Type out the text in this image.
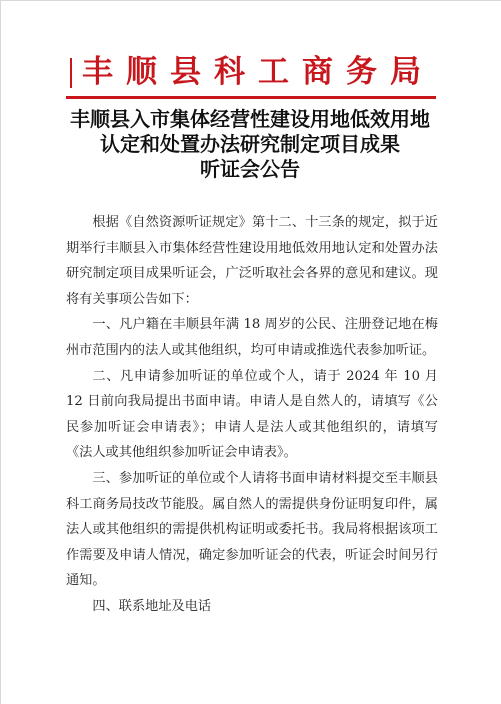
丰顺县科工商务局
丰顺县入市集体经营性建设用地低效用地
认定和处置办法研究制定项目成果
听证会公告

根据《自然资源听证规定》第十二、十三条的规定，拟于近期举行丰顺县入市集体经营性建设用地低效用地认定和处置办法研究制定项目成果听证会，广泛听取社会各界的意见和建议。现将有关事项公告如下：

一、凡户籍在丰顺县年满 18 周岁的公民、注册登记地在梅州市范围内的法人或其他组织，均可申请或推选代表参加听证。

二、凡申请参加听证的单位或个人，请于 2024 年 10 月 12 日前向我局提出书面申请。申请人是自然人的，请填写《公民参加听证会申请表》；申请人是法人或其他组织的，请填写《法人或其他组织参加听证会申请表》。

三、参加听证的单位或个人请将书面申请材料提交至丰顺县科工商务局技改节能股。属自然人的需提供身份证明复印件，属法人或其他组织的需提供机构证明或委托书。我局将根据该项工作需要及申请人情况，确定参加听证会的代表，听证会时间另行通知。

四、联系地址及电话
